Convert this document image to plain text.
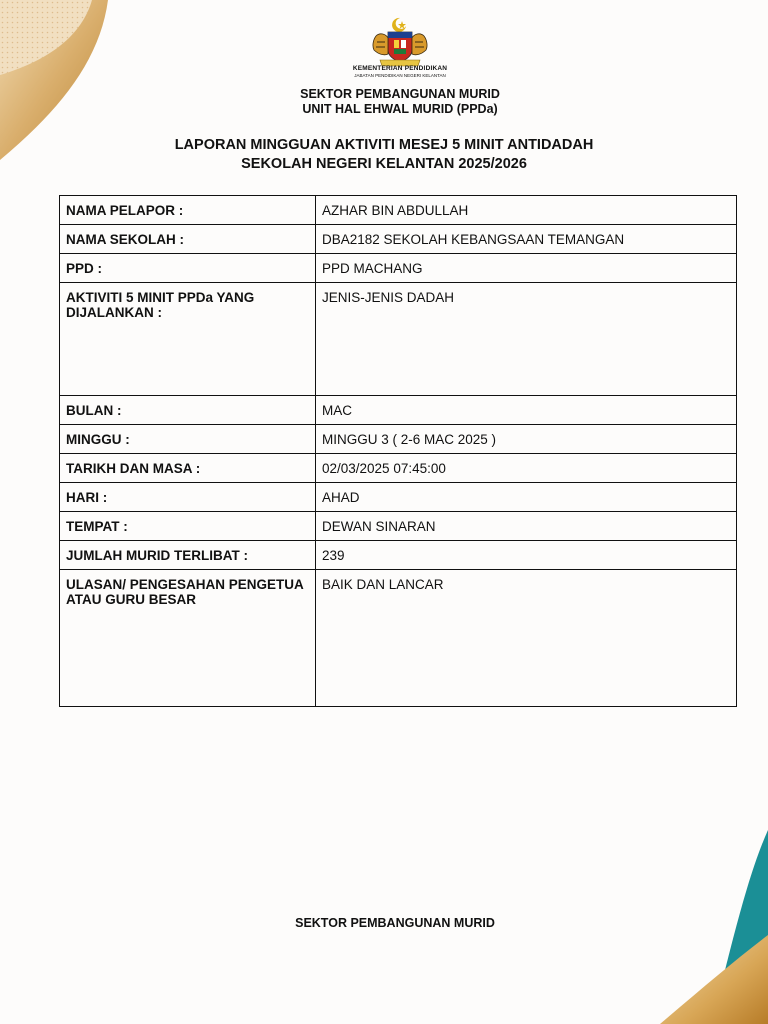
KEMENTERIAN PENDIDIKAN
JABATAN PENDIDIKAN NEGERI KELANTAN
SEKTOR PEMBANGUNAN MURID
UNIT HAL EHWAL MURID (PPDa)
LAPORAN MINGGUAN AKTIVITI MESEJ 5 MINIT ANTIDADAH
SEKOLAH NEGERI KELANTAN 2025/2026
NAMA PELAPOR :	AZHAR BIN ABDULLAH
NAMA SEKOLAH :	DBA2182 SEKOLAH KEBANGSAAN TEMANGAN
PPD :	PPD MACHANG
AKTIVITI 5 MINIT PPDa YANG DIJALANKAN :	JENIS-JENIS DADAH
BULAN :	MAC
MINGGU :	MINGGU 3 ( 2-6 MAC 2025 )
TARIKH DAN MASA :	02/03/2025 07:45:00
HARI :	AHAD
TEMPAT :	DEWAN SINARAN
JUMLAH MURID TERLIBAT :	239
ULASAN/ PENGESAHAN PENGETUA ATAU GURU BESAR	BAIK DAN LANCAR
SEKTOR PEMBANGUNAN MURID
